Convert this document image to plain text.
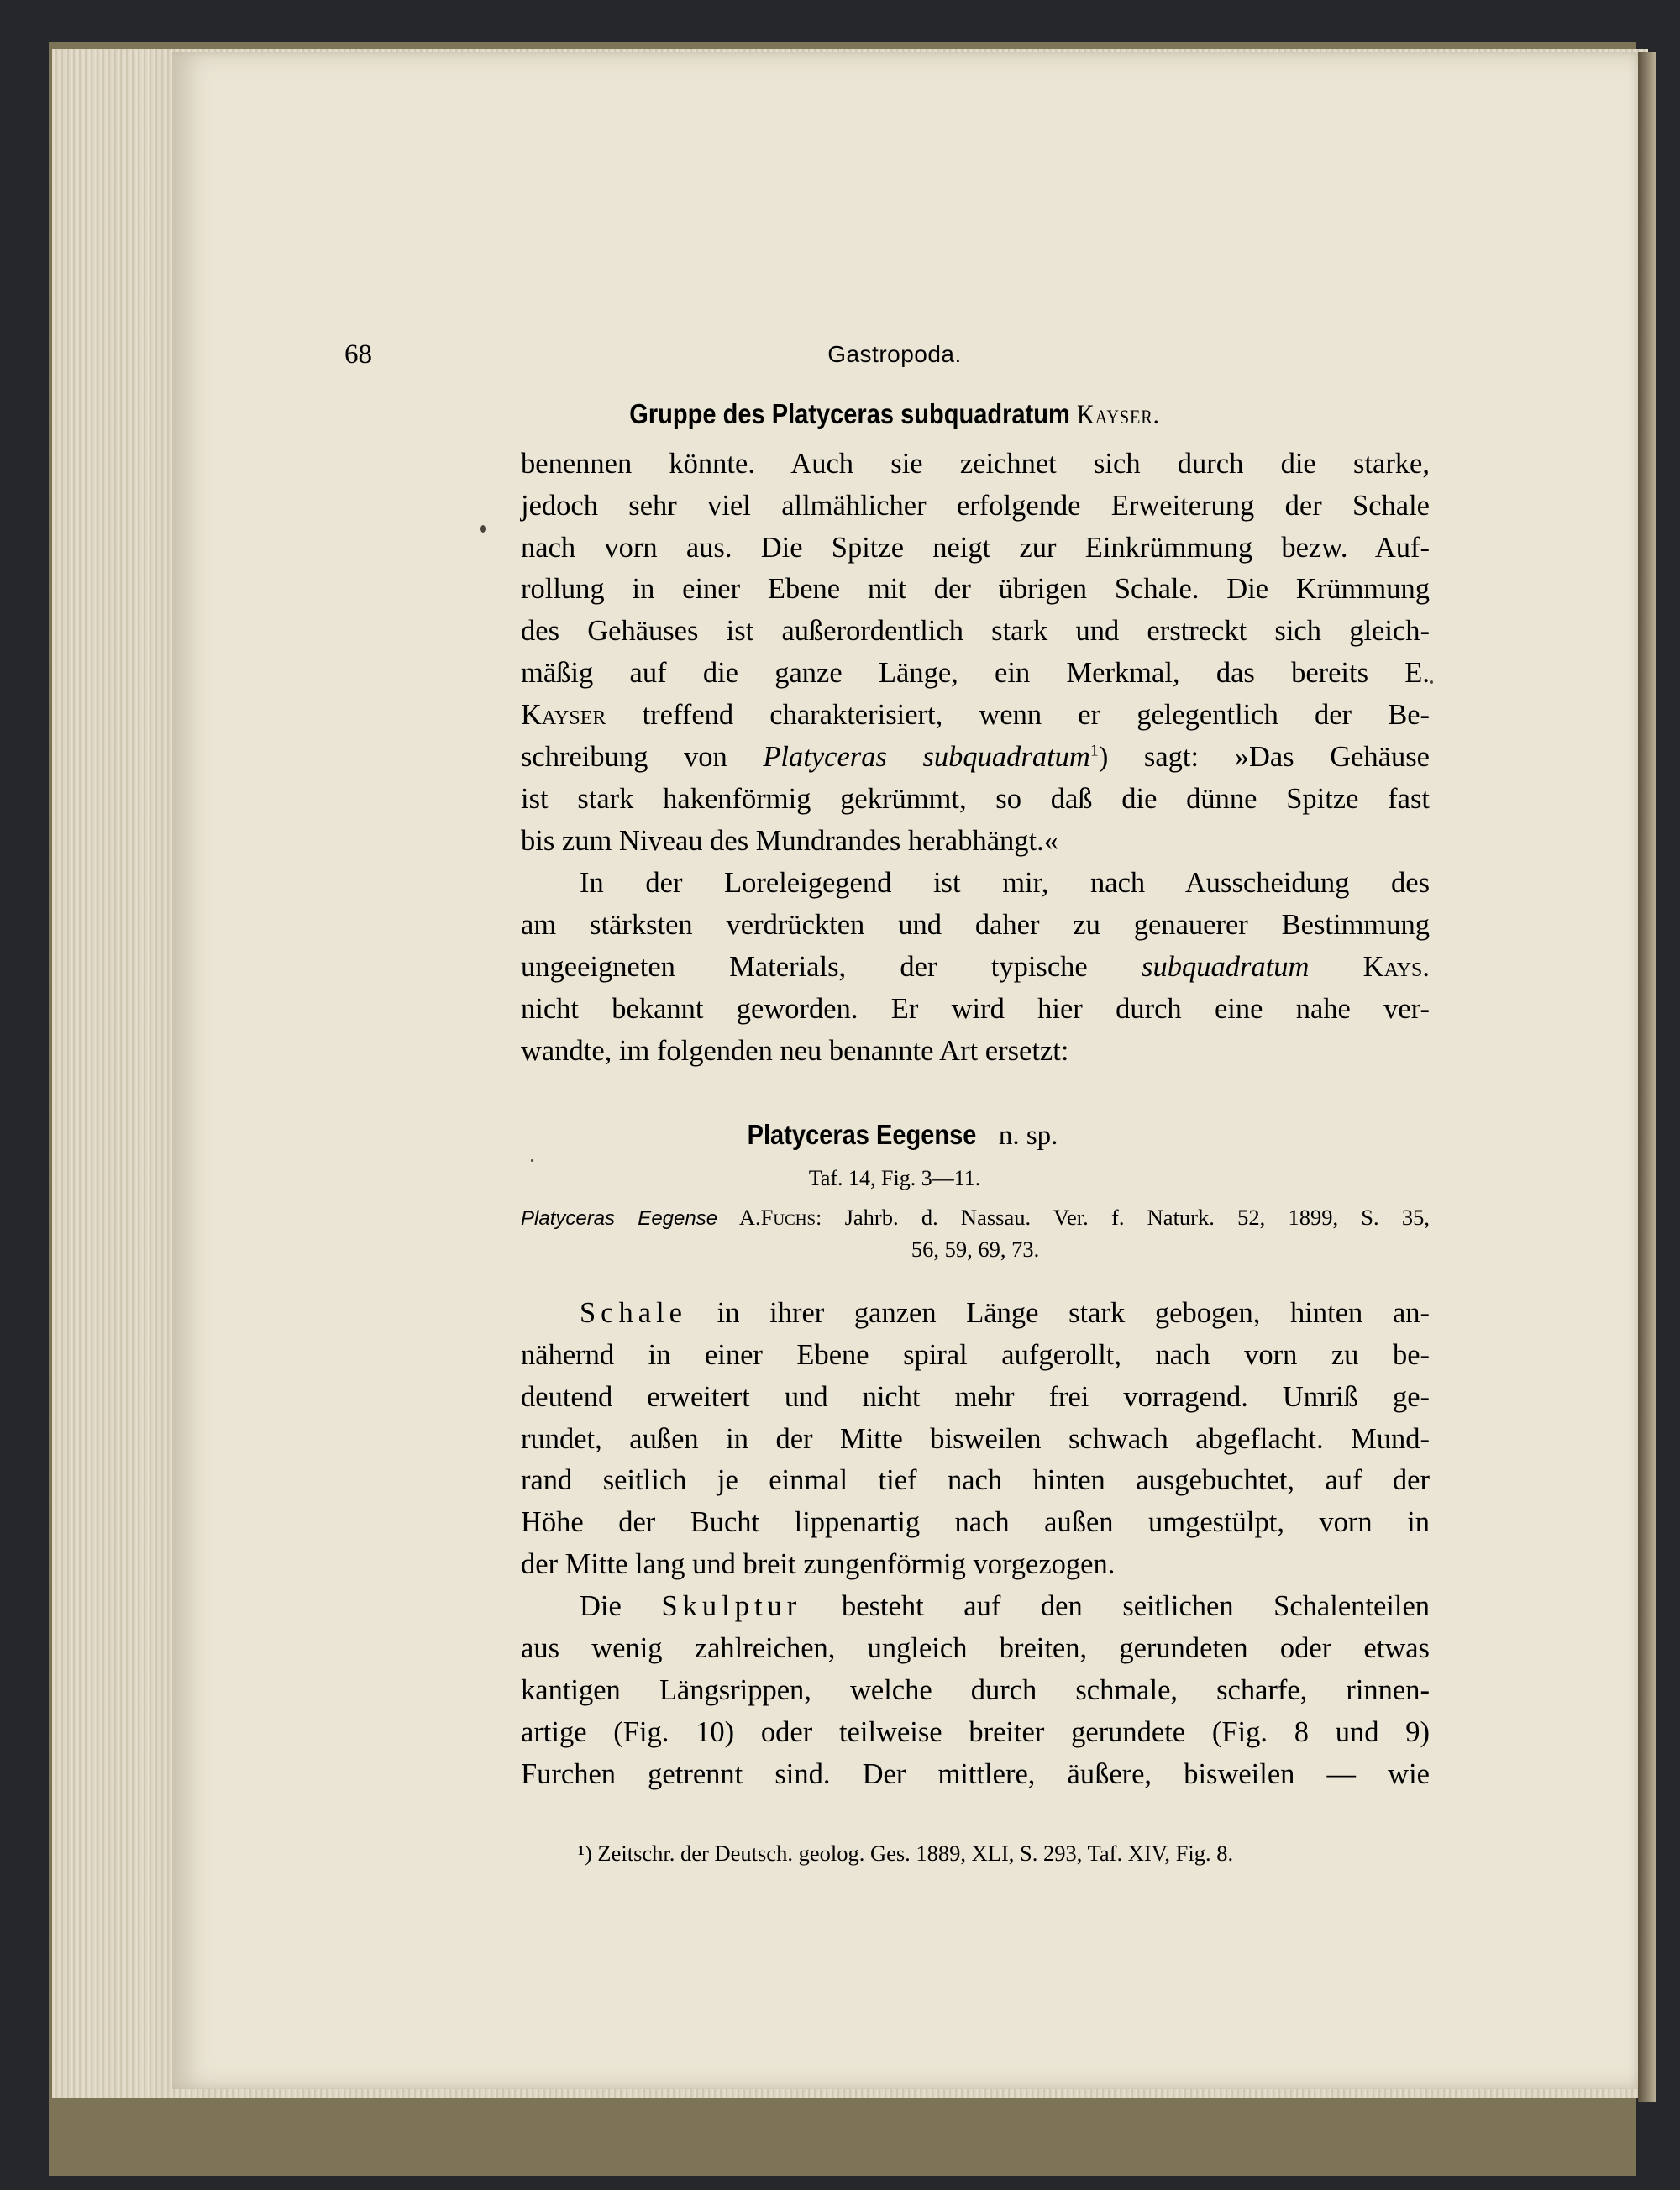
68	Gastropoda.
Gruppe des Platyceras subquadratum Kayser.
benennen könnte. Auch sie zeichnet sich durch die starke,
jedoch sehr viel allmählicher erfolgende Erweiterung der Schale
nach vorn aus. Die Spitze neigt zur Einkrümmung bezw. Auf-
rollung in einer Ebene mit der übrigen Schale. Die Krümmung
des Gehäuses ist außerordentlich stark und erstreckt sich gleich-
mäßig auf die ganze Länge, ein Merkmal, das bereits E.
Kayser treffend charakterisiert, wenn er gelegentlich der Be-
schreibung von Platyceras subquadratum$^1$) sagt: »Das Gehäuse
ist stark hakenförmig gekrümmt, so daß die dünne Spitze fast
bis zum Niveau des Mundrandes herabhängt.«
In der Loreleigegend ist mir, nach Ausscheidung des
am stärksten verdrückten und daher zu genauerer Bestimmung
ungeeigneten Materials, der typische subquadratum Kays.
nicht bekannt geworden. Er wird hier durch eine nahe ver-
wandte, im folgenden neu benannte Art ersetzt:
Platyceras Eegense n. sp.
Taf. 14, Fig. 3—11.
Platyceras Eegense A.Fuchs: Jahrb. d. Nassau. Ver. f. Naturk. 52, 1899, S. 35,
56, 59, 69, 73.
Schale in ihrer ganzen Länge stark gebogen, hinten an-
nähernd in einer Ebene spiral aufgerollt, nach vorn zu be-
deutend erweitert und nicht mehr frei vorragend. Umriß ge-
rundet, außen in der Mitte bisweilen schwach abgeflacht. Mund-
rand seitlich je einmal tief nach hinten ausgebuchtet, auf der
Höhe der Bucht lippenartig nach außen umgestülpt, vorn in
der Mitte lang und breit zungenförmig vorgezogen.
Die Skulptur besteht auf den seitlichen Schalenteilen
aus wenig zahlreichen, ungleich breiten, gerundeten oder etwas
kantigen Längsrippen, welche durch schmale, scharfe, rinnen-
artige (Fig. 10) oder teilweise breiter gerundete (Fig. 8 und 9)
Furchen getrennt sind. Der mittlere, äußere, bisweilen — wie
¹) Zeitschr. der Deutsch. geolog. Ges. 1889, XLI, S. 293, Taf. XIV, Fig. 8.
